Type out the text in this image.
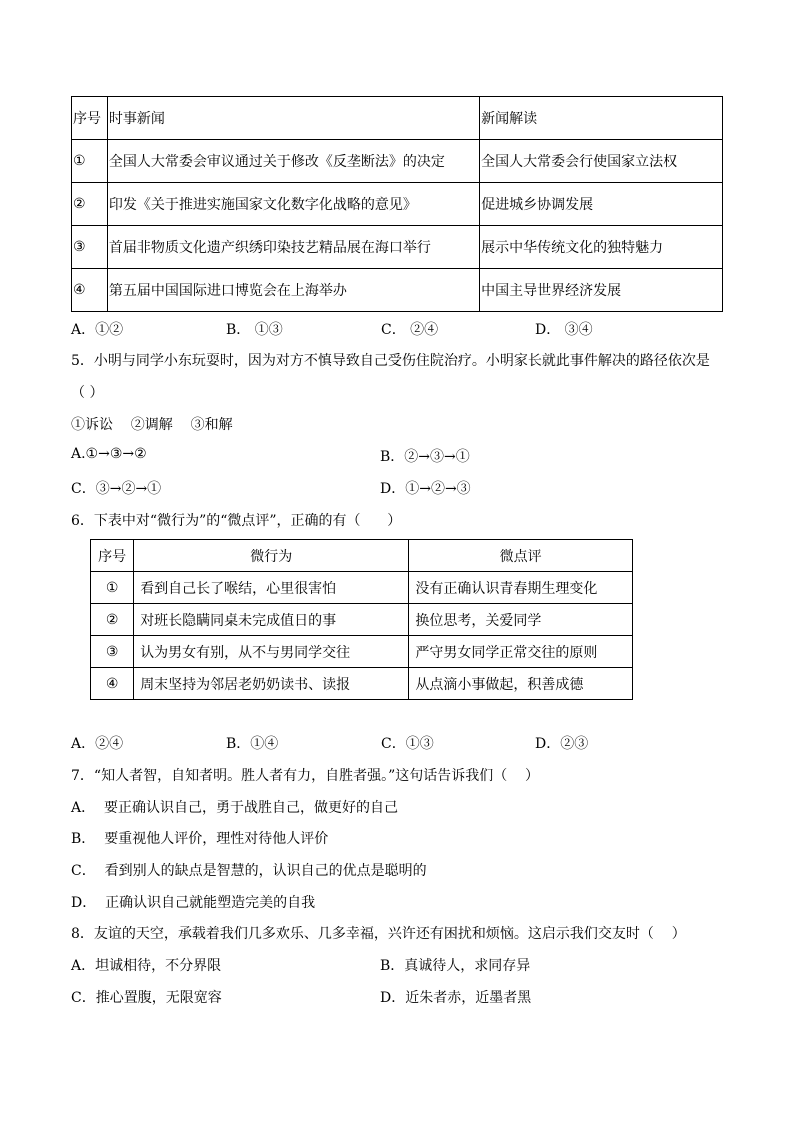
序号	时事新闻	新闻解读
①	全国人大常委会审议通过关于修改《反垄断法》的决定	全国人大常委会行使国家立法权
②	印发《关于推进实施国家文化数字化战略的意见》	促进城乡协调发展
③	首届非物质文化遗产织绣印染技艺精品展在海口举行	展示中华传统文化的独特魅力
④	第五届中国国际进口博览会在上海举办	中国主导世界经济发展
A．①②	B． ①③	C． ②④	D． ③④
5．小明与同学小东玩耍时，因为对方不慎导致自己受伤住院治疗。小明家长就此事件解决的路径依次是
（ ）
①诉讼    ②调解    ③和解
A.①→③→②	B．②→③→①
C．③→②→①	D．①→②→③
6．下表中对“微行为”的“微点评”，正确的有（      ）
序号	微行为	微点评
①	看到自己长了喉结，心里很害怕	没有正确认识青春期生理变化
②	对班长隐瞒同桌未完成值日的事	换位思考，关爱同学
③	认为男女有别，从不与男同学交往	严守男女同学正常交往的原则
④	周末坚持为邻居老奶奶读书、读报	从点滴小事做起，积善成德
A．②④	B．①④	C．①③	D．②③
7．“知人者智，自知者明。胜人者有力，自胜者强。”这句话告诉我们（    ）
A．  要正确认识自己，勇于战胜自己，做更好的自己
B．  要重视他人评价，理性对待他人评价
C．  看到别人的缺点是智慧的，认识自己的优点是聪明的
D．  正确认识自己就能塑造完美的自我
8．友谊的天空，承载着我们几多欢乐、几多幸福，兴许还有困扰和烦恼。这启示我们交友时（    ）
A．坦诚相待，不分界限	B．真诚待人，求同存异
C．推心置腹，无限宽容	D．近朱者赤，近墨者黑
